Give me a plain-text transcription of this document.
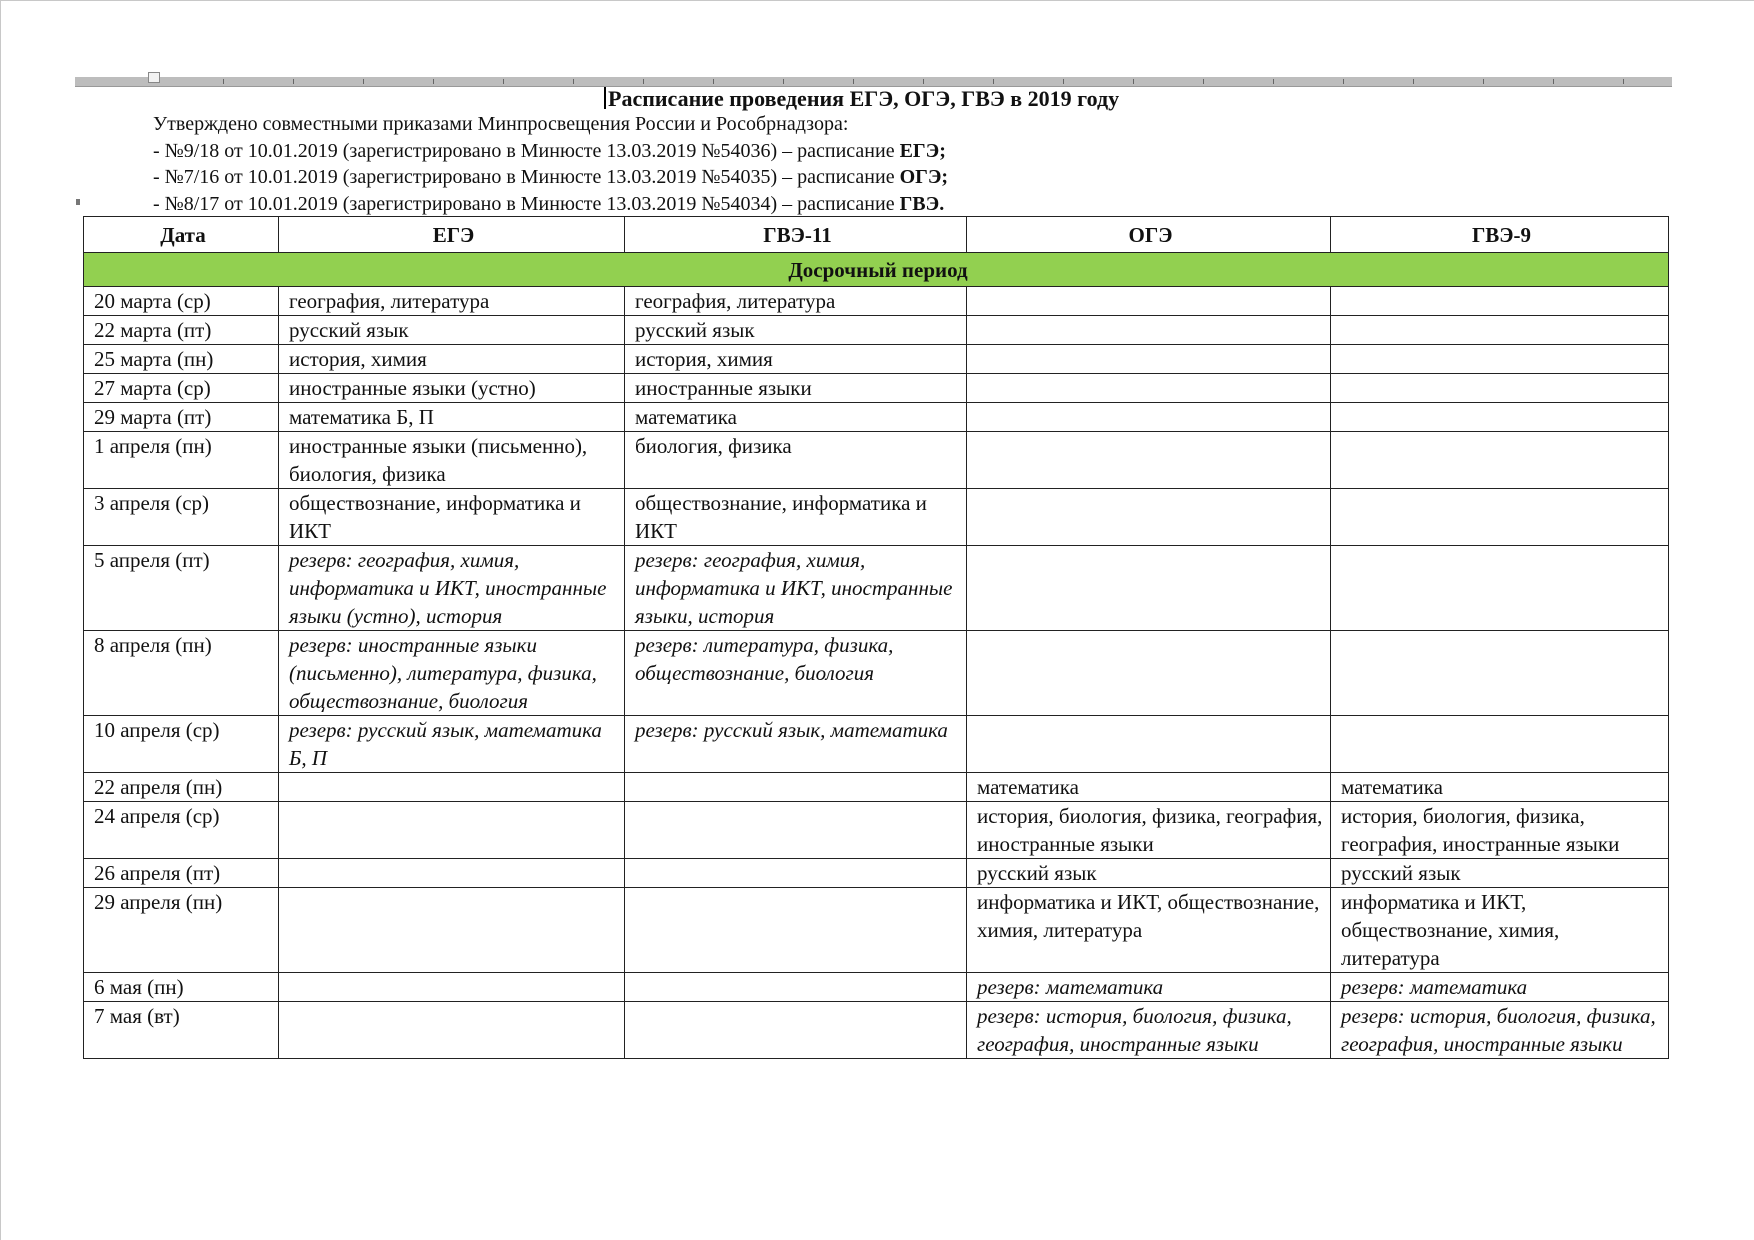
Расписание проведения ЕГЭ, ОГЭ, ГВЭ в 2019 году

Утверждено совместными приказами Минпросвещения России и Рособрнадзора:

- №9/18 от 10.01.2019 (зарегистрировано в Минюсте 13.03.2019 №54036) – расписание ЕГЭ;

- №7/16 от 10.01.2019 (зарегистрировано в Минюсте 13.03.2019 №54035) – расписание ОГЭ;

- №8/17 от 10.01.2019 (зарегистрировано в Минюсте 13.03.2019 №54034) – расписание ГВЭ.

Дата	ЕГЭ	ГВЭ-11	ОГЭ	ГВЭ-9
Досрочный период				
20 марта (ср)	география, литература	география, литература		
22 марта (пт)	русский язык	русский язык		
25 марта (пн)	история, химия	история, химия		
27 марта (ср)	иностранные языки (устно)	иностранные языки		
29 марта (пт)	математика Б, П	математика		
1 апреля (пн)	иностранные языки (письменно), биология, физика	биология, физика		
3 апреля (ср)	обществознание, информатика и ИКТ	обществознание, информатика и ИКТ		
5 апреля (пт)	резерв: география, химия, информатика и ИКТ, иностранные языки (устно), история	резерв: география, химия, информатика и ИКТ, иностранные языки, история		
8 апреля (пн)	резерв: иностранные языки (письменно), литература, физика, обществознание, биология	резерв: литература, физика, обществознание, биология		
10 апреля (ср)	резерв: русский язык, математика Б, П	резерв: русский язык, математика		
22 апреля (пн)			математика	математика
24 апреля (ср)			история, биология, физика, география, иностранные языки	история, биология, физика, география, иностранные языки
26 апреля (пт)			русский язык	русский язык
29 апреля (пн)			информатика и ИКТ, обществознание, химия, литература	информатика и ИКТ, обществознание, химия, литература
6 мая (пн)			резерв: математика	резерв: математика
7 мая (вт)			резерв: история, биология, физика, география, иностранные языки	резерв: история, биология, физика, география, иностранные языки
